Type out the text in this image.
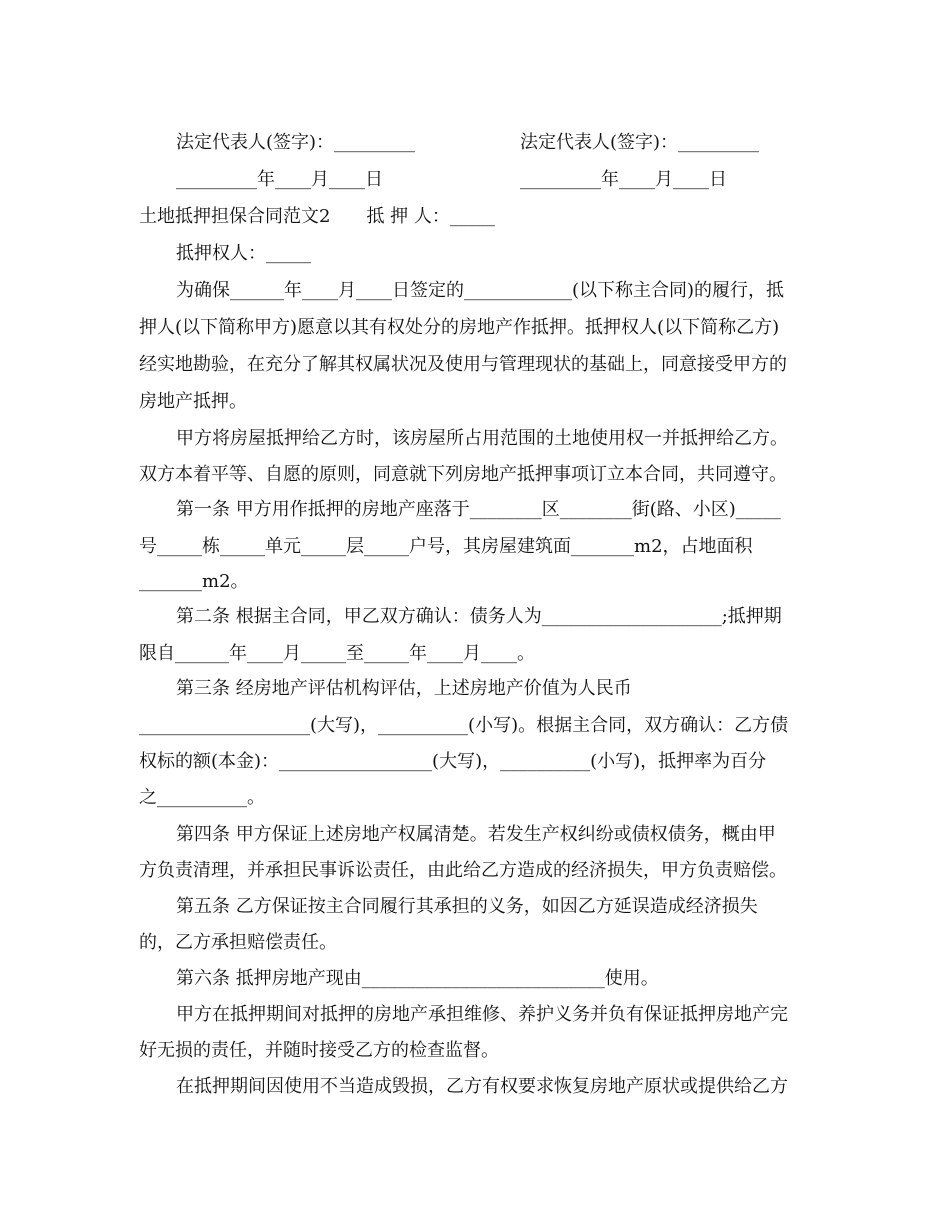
法定代表人(签字)：_________	法定代表人(签字)：_________
_________年____月____日	_________年____月____日
土地抵押担保合同范文2　　抵 押 人：_____
抵押权人：_____
为确保______年____月____日签定的____________(以下称主合同)的履行，抵
押人(以下简称甲方)愿意以其有权处分的房地产作抵押。抵押权人(以下简称乙方)
经实地勘验，在充分了解其权属状况及使用与管理现状的基础上，同意接受甲方的
房地产抵押。
甲方将房屋抵押给乙方时，该房屋所占用范围的土地使用权一并抵押给乙方。
双方本着平等、自愿的原则，同意就下列房地产抵押事项订立本合同，共同遵守。
第一条 甲方用作抵押的房地产座落于________区________街(路、小区)_____
号_____栋_____单元_____层_____户号，其房屋建筑面_______m2，占地面积
_______m2。
第二条 根据主合同，甲乙双方确认：债务人为____________________;抵押期
限自______年____月_____至_____年____月____。
第三条 经房地产评估机构评估，上述房地产价值为人民币
___________________(大写)，__________(小写)。根据主合同，双方确认：乙方债
权标的额(本金)：_________________(大写)，__________(小写)，抵押率为百分
之__________。
第四条 甲方保证上述房地产权属清楚。若发生产权纠纷或债权债务，概由甲
方负责清理，并承担民事诉讼责任，由此给乙方造成的经济损失，甲方负责赔偿。
第五条 乙方保证按主合同履行其承担的义务，如因乙方延误造成经济损失
的，乙方承担赔偿责任。
第六条 抵押房地产现由___________________________使用。
甲方在抵押期间对抵押的房地产承担维修、养护义务并负有保证抵押房地产完
好无损的责任，并随时接受乙方的检查监督。
在抵押期间因使用不当造成毁损，乙方有权要求恢复房地产原状或提供给乙方
